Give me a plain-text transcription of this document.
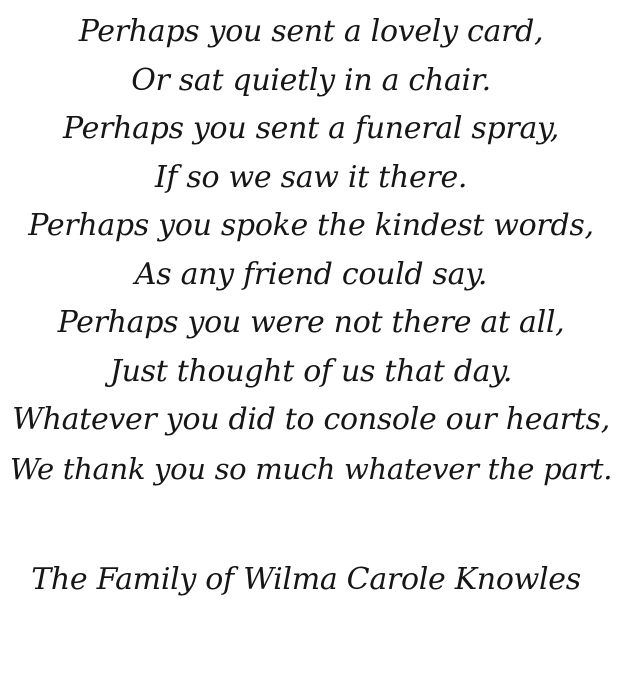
Perhaps you sent a lovely card,
Or sat quietly in a chair.
Perhaps you sent a funeral spray,
If so we saw it there.
Perhaps you spoke the kindest words,
As any friend could say.
Perhaps you were not there at all,
Just thought of us that day.
Whatever you did to console our hearts,
We thank you so much whatever the part.
The Family of Wilma Carole Knowles
